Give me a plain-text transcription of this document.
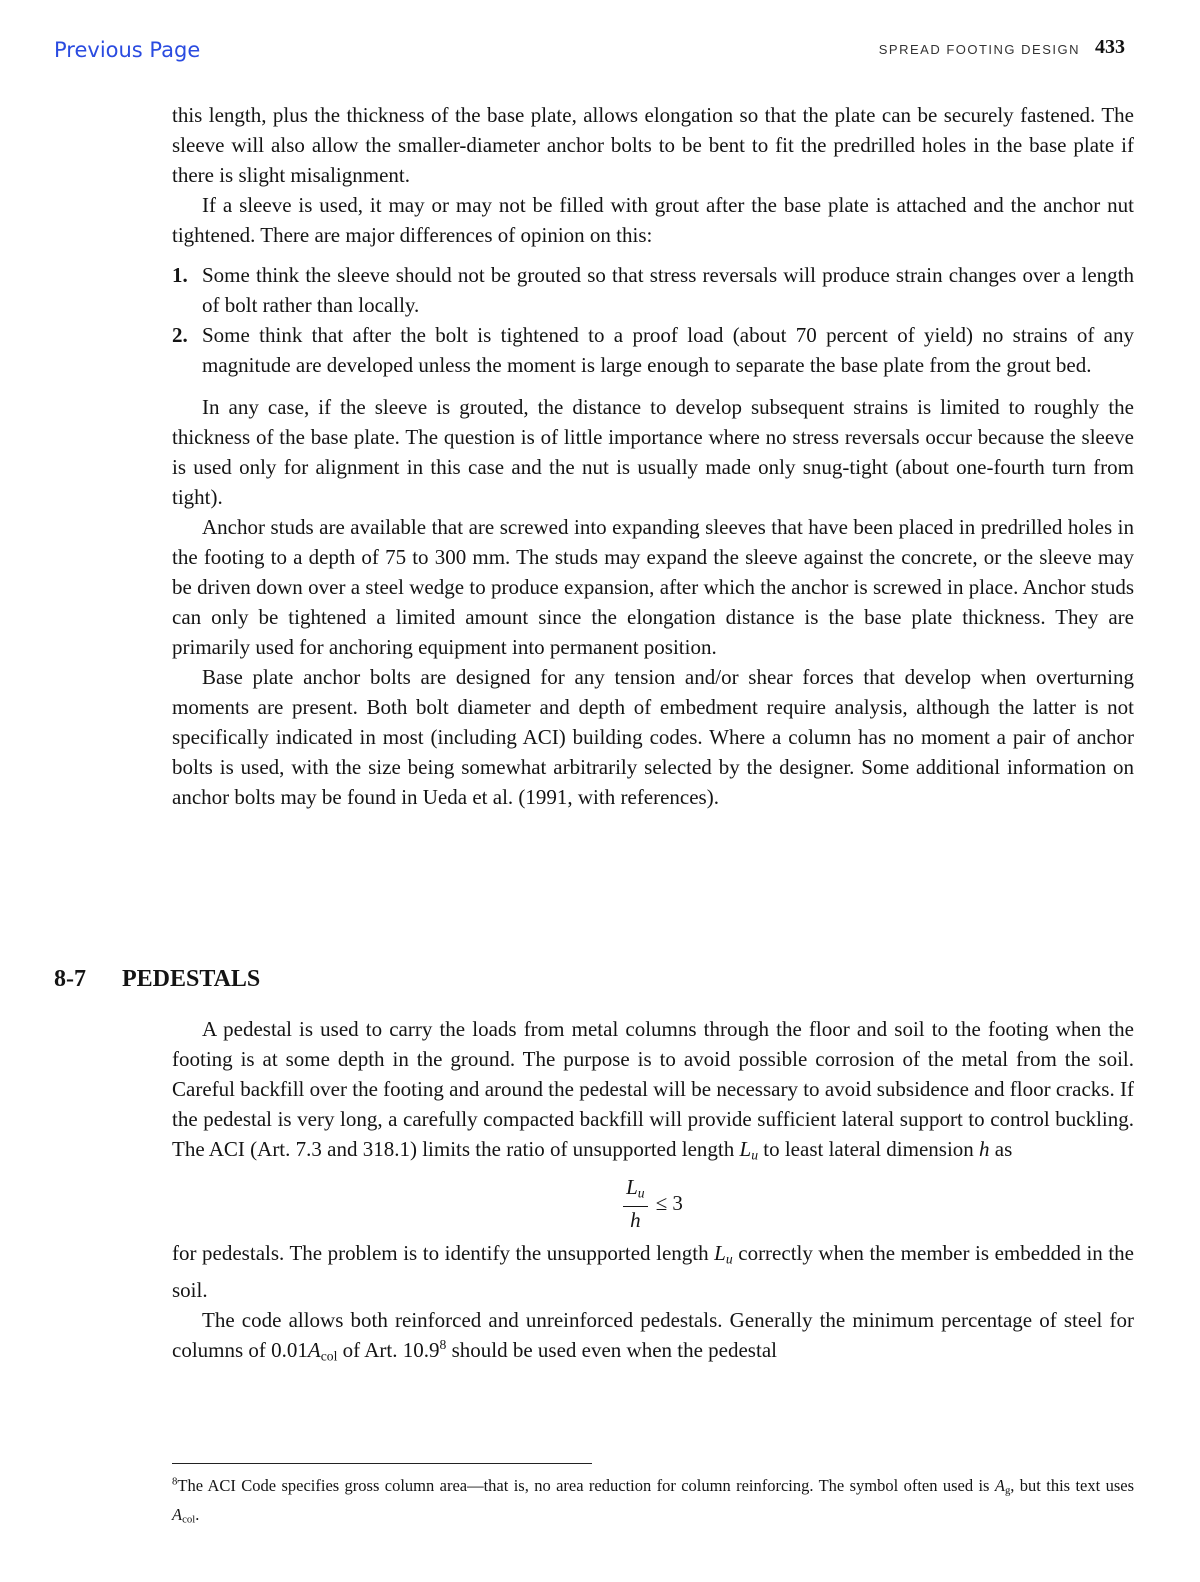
Previous Page	SPREAD FOOTING DESIGN 433

this length, plus the thickness of the base plate, allows elongation so that the plate can be securely fastened. The sleeve will also allow the smaller-diameter anchor bolts to be bent to fit the predrilled holes in the base plate if there is slight misalignment.

If a sleeve is used, it may or may not be filled with grout after the base plate is attached and the anchor nut tightened. There are major differences of opinion on this:

1. Some think the sleeve should not be grouted so that stress reversals will produce strain changes over a length of bolt rather than locally.
2. Some think that after the bolt is tightened to a proof load (about 70 percent of yield) no strains of any magnitude are developed unless the moment is large enough to separate the base plate from the grout bed.

In any case, if the sleeve is grouted, the distance to develop subsequent strains is limited to roughly the thickness of the base plate. The question is of little importance where no stress reversals occur because the sleeve is used only for alignment in this case and the nut is usually made only snug-tight (about one-fourth turn from tight).

Anchor studs are available that are screwed into expanding sleeves that have been placed in predrilled holes in the footing to a depth of 75 to 300 mm. The studs may expand the sleeve against the concrete, or the sleeve may be driven down over a steel wedge to produce expansion, after which the anchor is screwed in place. Anchor studs can only be tightened a limited amount since the elongation distance is the base plate thickness. They are primarily used for anchoring equipment into permanent position.

Base plate anchor bolts are designed for any tension and/or shear forces that develop when overturning moments are present. Both bolt diameter and depth of embedment require analysis, although the latter is not specifically indicated in most (including ACI) building codes. Where a column has no moment a pair of anchor bolts is used, with the size being somewhat arbitrarily selected by the designer. Some additional information on anchor bolts may be found in Ueda et al. (1991, with references).

8-7 PEDESTALS

A pedestal is used to carry the loads from metal columns through the floor and soil to the footing when the footing is at some depth in the ground. The purpose is to avoid possible corrosion of the metal from the soil. Careful backfill over the footing and around the pedestal will be necessary to avoid subsidence and floor cracks. If the pedestal is very long, a carefully compacted backfill will provide sufficient lateral support to control buckling. The ACI (Art. 7.3 and 318.1) limits the ratio of unsupported length $L_u$ to least lateral dimension h as

$\frac{L_u}{h} \le 3$

for pedestals. The problem is to identify the unsupported length $L_u$ correctly when the member is embedded in the soil.

The code allows both reinforced and unreinforced pedestals. Generally the minimum percentage of steel for columns of $0.01A_{col}$ of Art. 10.9$^8$ should be used even when the pedestal

$^8$The ACI Code specifies gross column area—that is, no area reduction for column reinforcing. The symbol often used is $A_g$, but this text uses $A_{col}$.
